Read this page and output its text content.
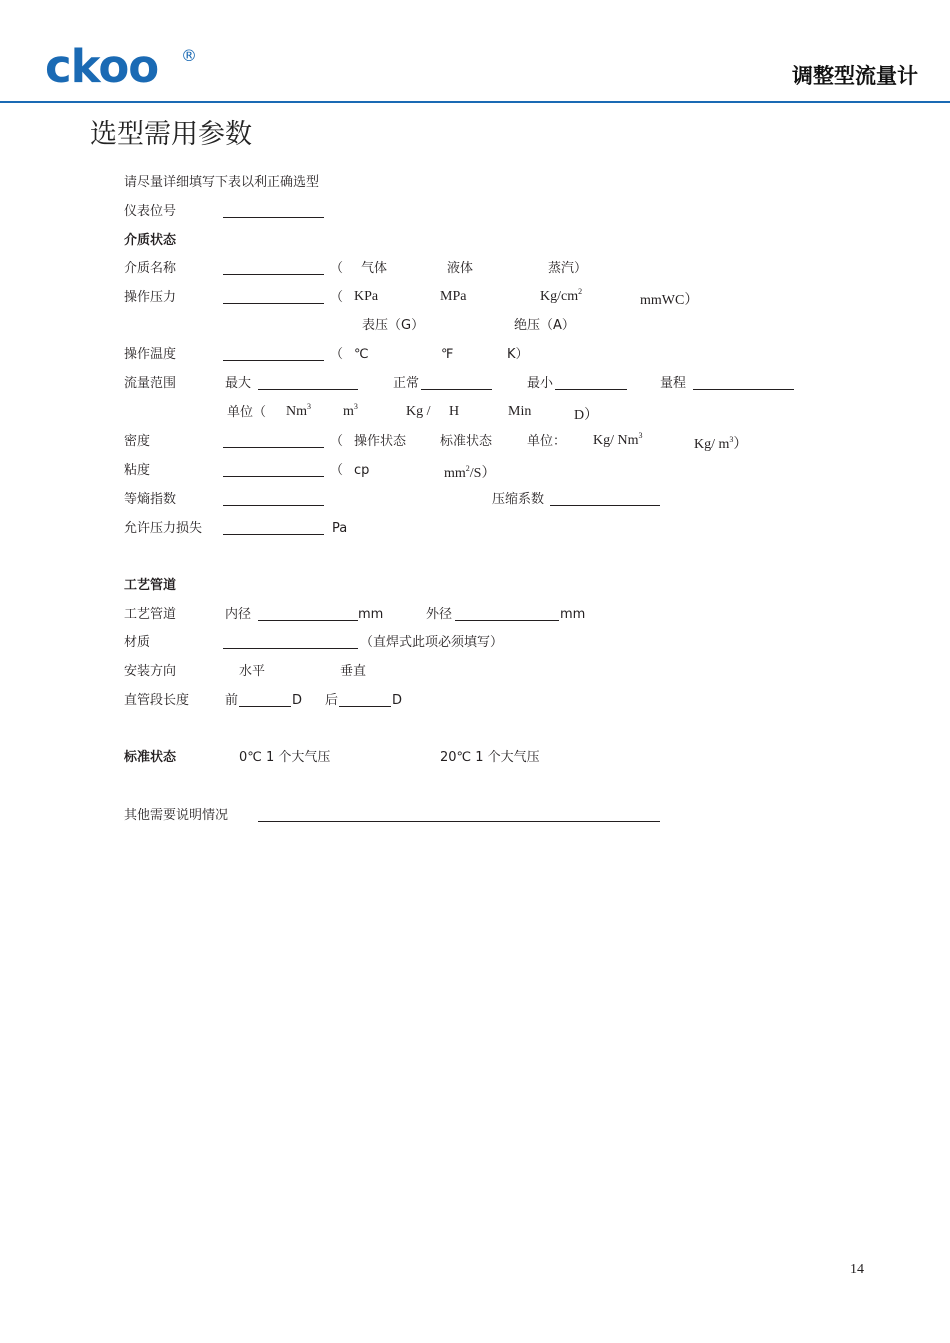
ckoo ®
调整型流量计
选型需用参数
请尽量详细填写下表以利正确选型
仪表位号
介质状态
介质名称	（ 气体	液体	蒸汽）
操作压力	（ KPa	MPa	$Kg/cm^2$
mmWC）
表压（G）	绝压（A）
操作温度	（ ℃	℉	K）
流量范围	最大	正常	最小	量程
单位（ Nm$^3$ $m^3$	Kg / H	Min	D）
密度	（ 操作状态	标准状态	单位： Kg/ Nm$^3$
Kg/ $m^3$）
粘度	（ cp	$mm^2/S$）
等熵指数	压缩系数
允许压力损失	Pa
工艺管道
工艺管道	内径	mm	外径	mm
材质	（直焊式此项必须填写）
安装方向	水平	垂直
直管段长度	前	D 后	D
标准状态	0℃ 1 个大气压	20℃ 1 个大气压
其他需要说明情况
14
